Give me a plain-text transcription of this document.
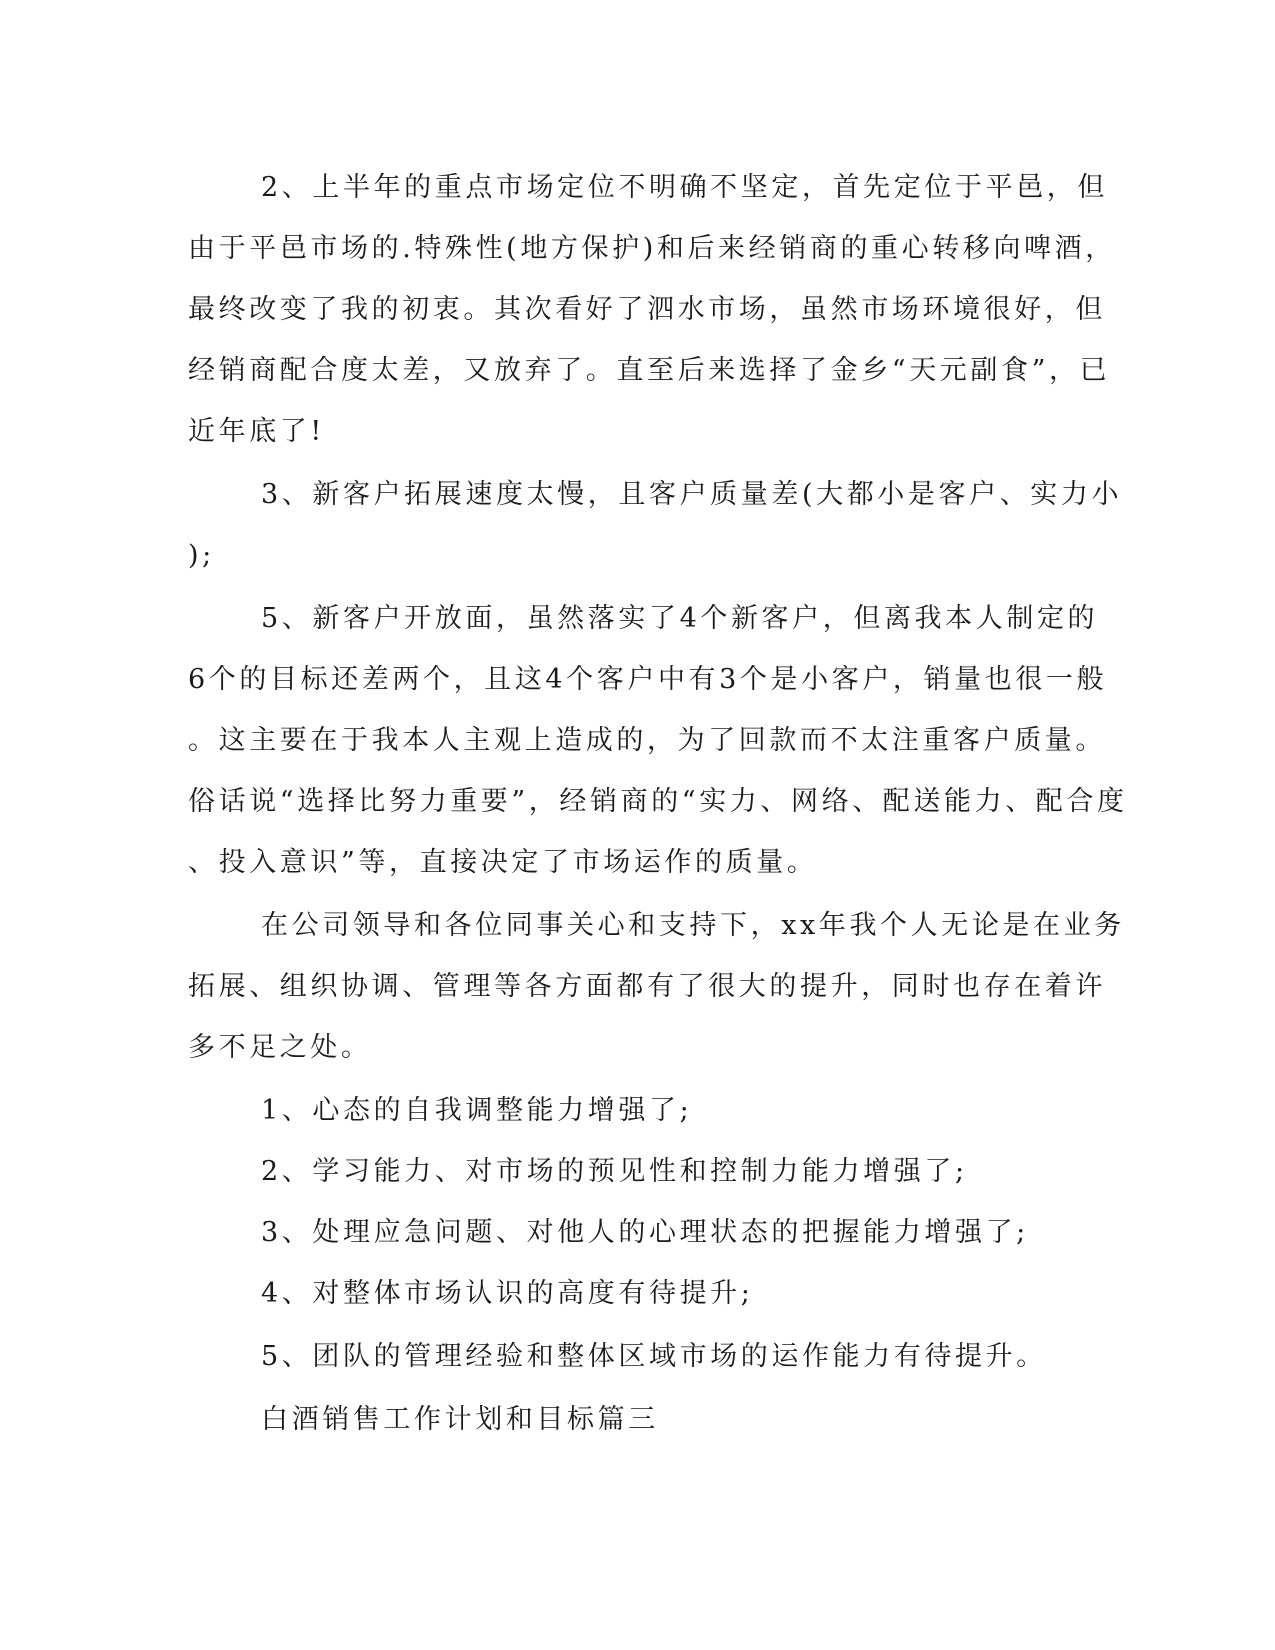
2、上半年的重点市场定位不明确不坚定，首先定位于平邑，但

由于平邑市场的.特殊性(地方保护)和后来经销商的重心转移向啤酒，

最终改变了我的初衷。其次看好了泗水市场，虽然市场环境很好，但

经销商配合度太差，又放弃了。直至后来选择了金乡“天元副食”，已

近年底了!

3、新客户拓展速度太慢，且客户质量差(大都小是客户、实力小

);

5、新客户开放面，虽然落实了4个新客户，但离我本人制定的

6个的目标还差两个，且这4个客户中有3个是小客户，销量也很一般

。这主要在于我本人主观上造成的，为了回款而不太注重客户质量。

俗话说“选择比努力重要”，经销商的“实力、网络、配送能力、配合度

、投入意识”等，直接决定了市场运作的质量。

在公司领导和各位同事关心和支持下，xx年我个人无论是在业务

拓展、组织协调、管理等各方面都有了很大的提升，同时也存在着许

多不足之处。

1、心态的自我调整能力增强了;

2、学习能力、对市场的预见性和控制力能力增强了;

3、处理应急问题、对他人的心理状态的把握能力增强了;

4、对整体市场认识的高度有待提升;

5、团队的管理经验和整体区域市场的运作能力有待提升。

白酒销售工作计划和目标篇三
